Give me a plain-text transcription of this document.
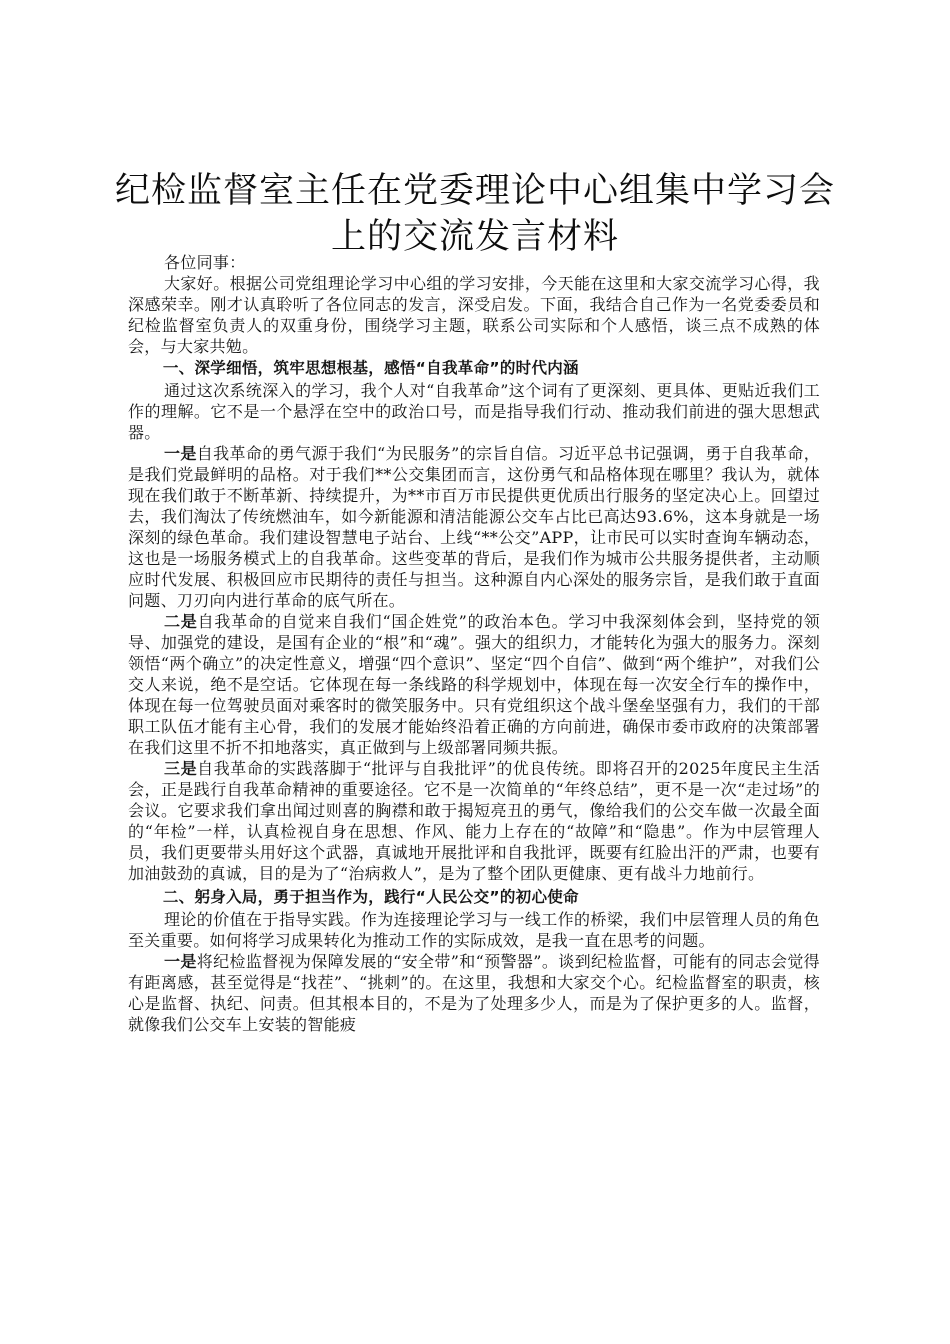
纪检监督室主任在党委理论中心组集中学习会上的交流发言材料

各位同事：

大家好。根据公司党组理论学习中心组的学习安排，今天能在这里和大家交流学习心得，我深感荣幸。刚才认真聆听了各位同志的发言，深受启发。下面，我结合自己作为一名党委委员和纪检监督室负责人的双重身份，围绕学习主题，联系公司实际和个人感悟，谈三点不成熟的体会，与大家共勉。

一、深学细悟，筑牢思想根基，感悟“自我革命”的时代内涵

通过这次系统深入的学习，我个人对“自我革命”这个词有了更深刻、更具体、更贴近我们工作的理解。它不是一个悬浮在空中的政治口号，而是指导我们行动、推动我们前进的强大思想武器。

一是自我革命的勇气源于我们“为民服务”的宗旨自信。习近平总书记强调，勇于自我革命，是我们党最鲜明的品格。对于我们**公交集团而言，这份勇气和品格体现在哪里？我认为，就体现在我们敢于不断革新、持续提升，为**市百万市民提供更优质出行服务的坚定决心上。回望过去，我们淘汰了传统燃油车，如今新能源和清洁能源公交车占比已高达93.6%，这本身就是一场深刻的绿色革命。我们建设智慧电子站台、上线“**公交”APP，让市民可以实时查询车辆动态，这也是一场服务模式上的自我革命。这些变革的背后，是我们作为城市公共服务提供者，主动顺应时代发展、积极回应市民期待的责任与担当。这种源自内心深处的服务宗旨，是我们敢于直面问题、刀刃向内进行革命的底气所在。

二是自我革命的自觉来自我们“国企姓党”的政治本色。学习中我深刻体会到，坚持党的领导、加强党的建设，是国有企业的“根”和“魂”。强大的组织力，才能转化为强大的服务力。深刻领悟“两个确立”的决定性意义，增强“四个意识”、坚定“四个自信”、做到“两个维护”，对我们公交人来说，绝不是空话。它体现在每一条线路的科学规划中，体现在每一次安全行车的操作中，体现在每一位驾驶员面对乘客时的微笑服务中。只有党组织这个战斗堡垒坚强有力，我们的干部职工队伍才能有主心骨，我们的发展才能始终沿着正确的方向前进，确保市委市政府的决策部署在我们这里不折不扣地落实，真正做到与上级部署同频共振。

三是自我革命的实践落脚于“批评与自我批评”的优良传统。即将召开的2025年度民主生活会，正是践行自我革命精神的重要途径。它不是一次简单的“年终总结”，更不是一次“走过场”的会议。它要求我们拿出闻过则喜的胸襟和敢于揭短亮丑的勇气，像给我们的公交车做一次最全面的“年检”一样，认真检视自身在思想、作风、能力上存在的“故障”和“隐患”。作为中层管理人员，我们更要带头用好这个武器，真诚地开展批评和自我批评，既要有红脸出汗的严肃，也要有加油鼓劲的真诚，目的是为了“治病救人”，是为了整个团队更健康、更有战斗力地前行。

二、躬身入局，勇于担当作为，践行“人民公交”的初心使命

理论的价值在于指导实践。作为连接理论学习与一线工作的桥梁，我们中层管理人员的角色至关重要。如何将学习成果转化为推动工作的实际成效，是我一直在思考的问题。

一是将纪检监督视为保障发展的“安全带”和“预警器”。谈到纪检监督，可能有的同志会觉得有距离感，甚至觉得是“找茬”、“挑刺”的。在这里，我想和大家交个心。纪检监督室的职责，核心是监督、执纪、问责。但其根本目的，不是为了处理多少人，而是为了保护更多的人。监督，就像我们公交车上安装的智能疲
